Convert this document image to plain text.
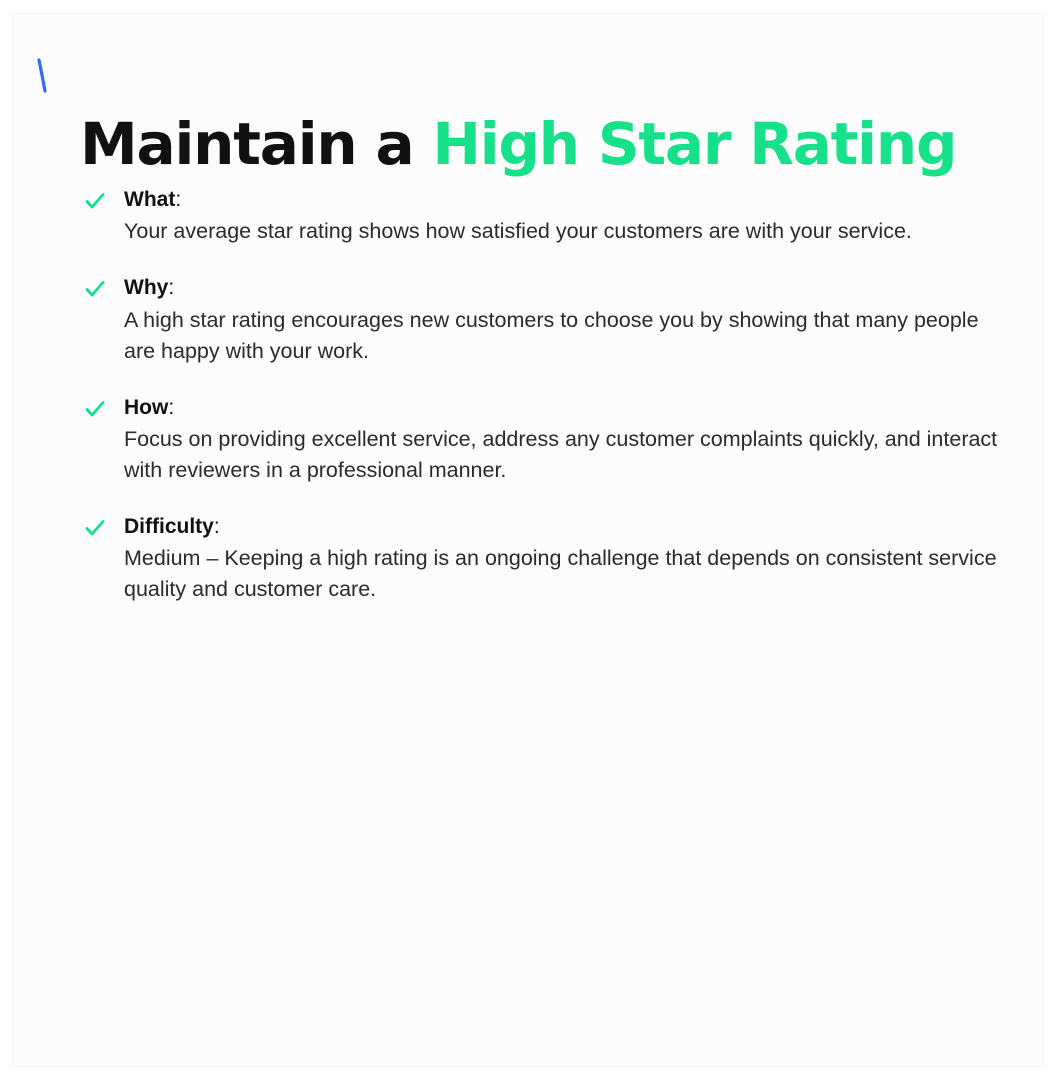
Maintain a High Star Rating

What:

Your average star rating shows how satisfied your customers are with your service.

Why:

A high star rating encourages new customers to choose you by showing that many people are happy with your work.

How:

Focus on providing excellent service, address any customer complaints quickly, and interact with reviewers in a professional manner.

Difficulty:

Medium – Keeping a high rating is an ongoing challenge that depends on consistent service quality and customer care.
